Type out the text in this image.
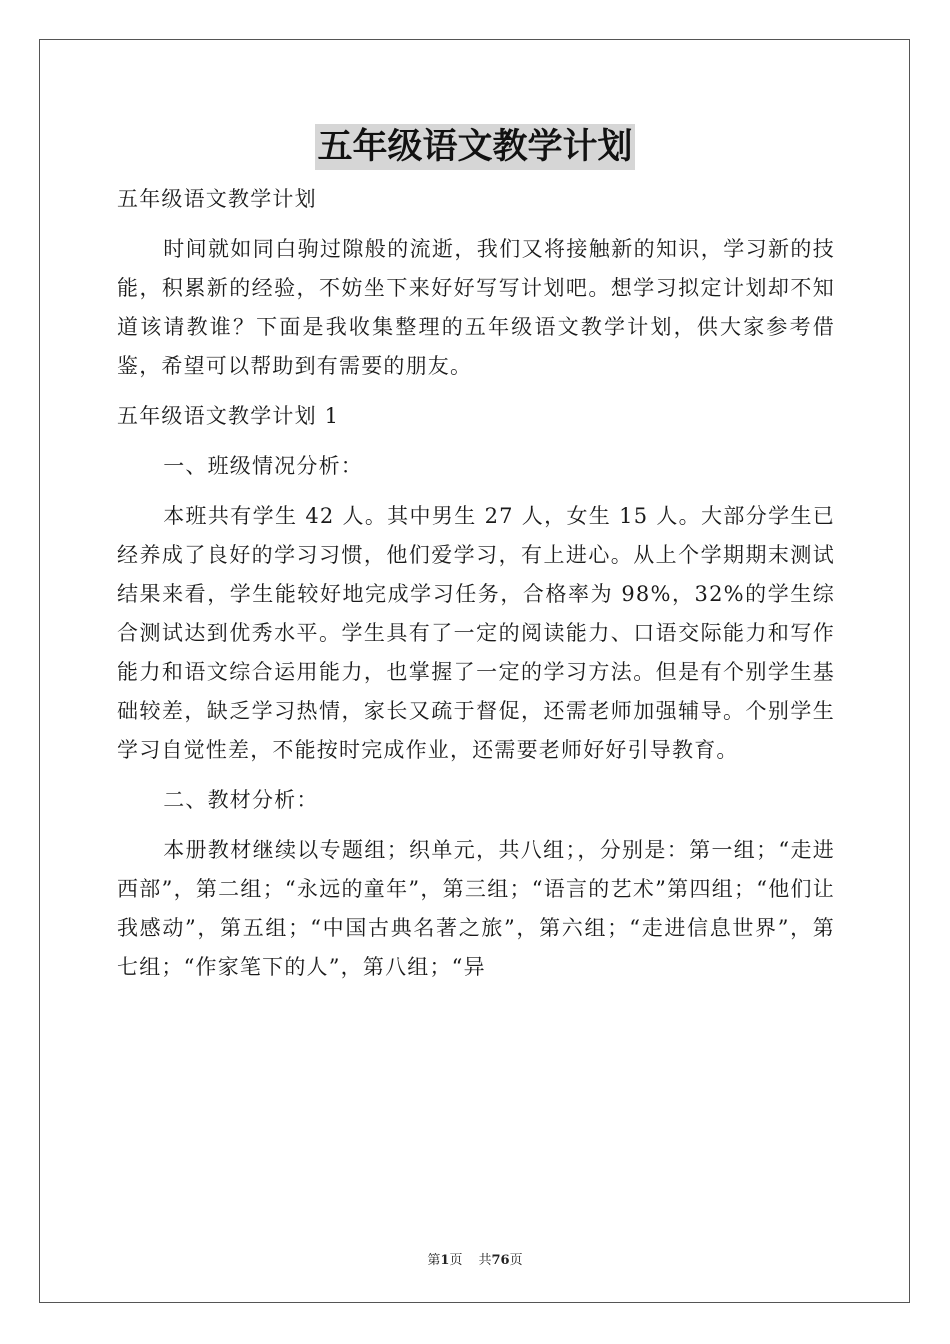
五年级语文教学计划

五年级语文教学计划

时间就如同白驹过隙般的流逝，我们又将接触新的知识，学习新的技能，积累新的经验，不妨坐下来好好写写计划吧。想学习拟定计划却不知道该请教谁？下面是我收集整理的五年级语文教学计划，供大家参考借鉴，希望可以帮助到有需要的朋友。

五年级语文教学计划 1

一、班级情况分析：

本班共有学生 42 人。其中男生 27 人，女生 15 人。大部分学生已经养成了良好的学习习惯，他们爱学习，有上进心。从上个学期期末测试结果来看，学生能较好地完成学习任务，合格率为 98%，32%的学生综合测试达到优秀水平。学生具有了一定的阅读能力、口语交际能力和写作能力和语文综合运用能力，也掌握了一定的学习方法。但是有个别学生基础较差，缺乏学习热情，家长又疏于督促，还需老师加强辅导。个别学生学习自觉性差，不能按时完成作业，还需要老师好好引导教育。

二、教材分析：

本册教材继续以专题组；织单元，共八组；，分别是：第一组；“走进西部”，第二组；“永远的童年”，第三组；“语言的艺术”第四组；“他们让我感动”，第五组；“中国古典名著之旅”，第六组；“走进信息世界”，第七组；“作家笔下的人”，第八组；“异

第1页 共76页
